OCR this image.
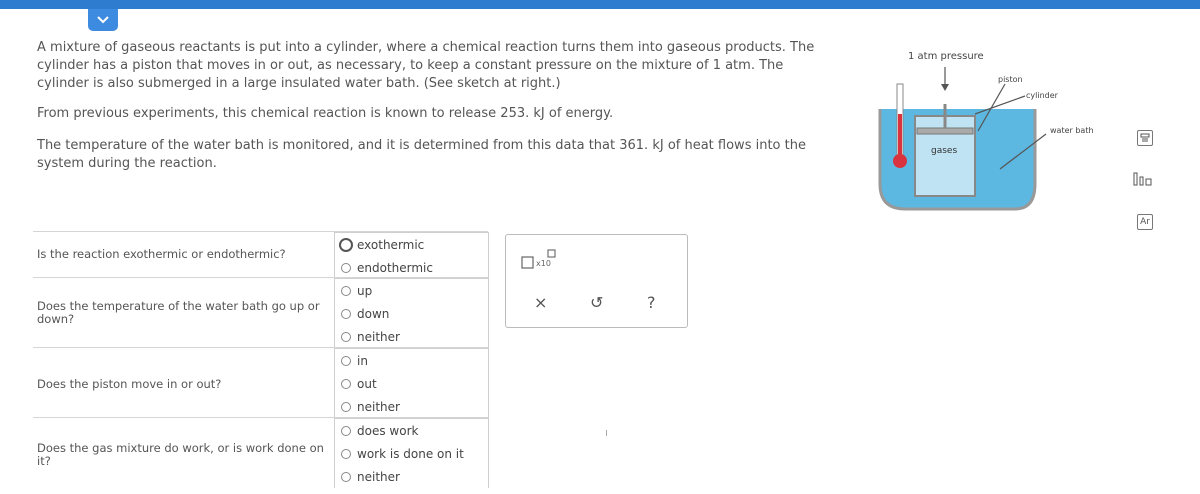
A mixture of gaseous reactants is put into a cylinder, where a chemical reaction turns them into gaseous products. The cylinder has a piston that moves in or out, as necessary, to keep a constant pressure on the mixture of 1 atm. The cylinder is also submerged in a large insulated water bath. (See sketch at right.)

From previous experiments, this chemical reaction is known to release 253. kJ of energy.

The temperature of the water bath is monitored, and it is determined from this data that 361. kJ of heat flows into the system during the reaction.

Is the reaction exothermic or endothermic?
exothermic
endothermic
Does the temperature of the water bath go up or down?
up
down
neither
Does the piston move in or out?
in
out
neither
Does the gas mixture do work, or is work done on it?
does work
work is done on it
neither
x10
×	↺	?
1 atm pressure
piston
cylinder
water bath
gases
Ar
